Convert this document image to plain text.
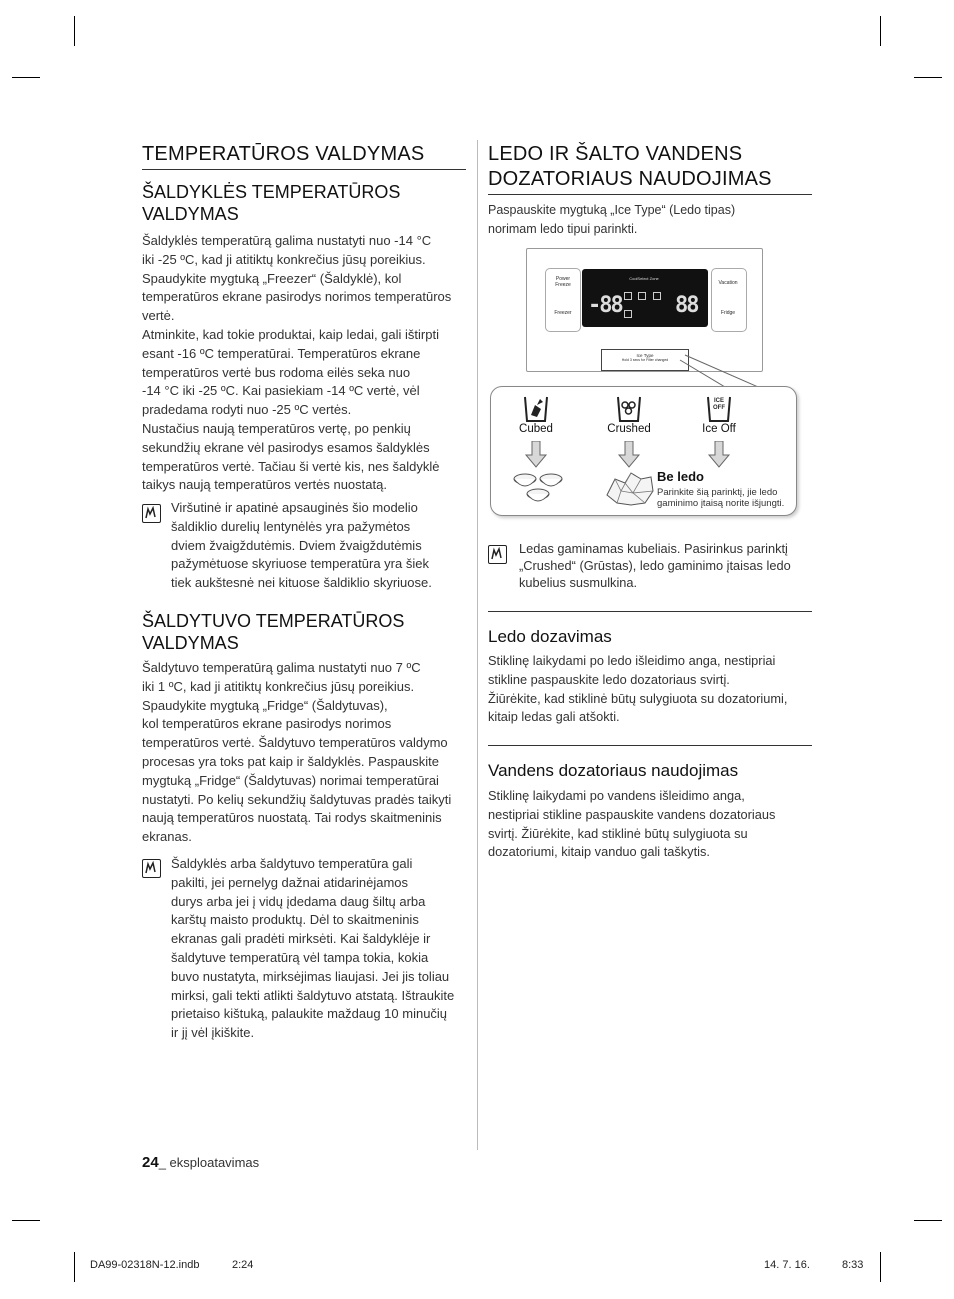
TEMPERATŪROS VALDYMAS
ŠALDYKLĖS TEMPERATŪROS
VALDYMAS
Šaldyklės temperatūrą galima nustatyti nuo -14 °C
iki -25 ºC, kad ji atitiktų konkrečius jūsų poreikius.
Spaudykite mygtuką „Freezer“ (Šaldyklė), kol
temperatūros ekrane pasirodys norimos temperatūros
vertė.
Atminkite, kad tokie produktai, kaip ledai, gali ištirpti
esant -16 ºC temperatūrai. Temperatūros ekrane
temperatūros vertė bus rodoma eilės seka nuo
-14 °C iki -25 ºC. Kai pasiekiam -14 ºC vertė, vėl
pradedama rodyti nuo -25 ºC vertės.
Nustačius naują temperatūros vertę, po penkių
sekundžių ekrane vėl pasirodys esamos šaldyklės
temperatūros vertė. Tačiau ši vertė kis, nes šaldyklė
taikys naują temperatūros vertės nuostatą.
Viršutinė ir apatinė apsauginės šio modelio
šaldiklio durelių lentynėlės yra pažymėtos
dviem žvaigždutėmis. Dviem žvaigždutėmis
pažymėtuose skyriuose temperatūra yra šiek
tiek aukštesnė nei kituose šaldiklio skyriuose.
ŠALDYTUVO TEMPERATŪROS
VALDYMAS
Šaldytuvo temperatūrą galima nustatyti nuo 7 ºC
iki 1 ºC, kad ji atitiktų konkrečius jūsų poreikius.
Spaudykite mygtuką „Fridge“ (Šaldytuvas),
kol temperatūros ekrane pasirodys norimos
temperatūros vertė. Šaldytuvo temperatūros valdymo
procesas yra toks pat kaip ir šaldyklės. Paspauskite
mygtuką „Fridge“ (Šaldytuvas) norimai temperatūrai
nustatyti. Po kelių sekundžių šaldytuvas pradės taikyti
naują temperatūros nuostatą. Tai rodys skaitmeninis
ekranas.
Šaldyklės arba šaldytuvo temperatūra gali
pakilti, jei pernelyg dažnai atidarinėjamos
durys arba jei į vidų įdedama daug šiltų arba
karštų maisto produktų. Dėl to skaitmeninis
ekranas gali pradėti mirksėti. Kai šaldyklėje ir
šaldytuve temperatūrą vėl tampa tokia, kokia
buvo nustatyta, mirksėjimas liaujasi. Jei jis toliau
mirksi, gali tekti atlikti šaldytuvo atstatą. Ištraukite
prietaiso kištuką, palaukite maždaug 10 minučių
ir jį vėl įkiškite.
LEDO IR ŠALTO VANDENS
DOZATORIAUS NAUDOJIMAS
Paspauskite mygtuką „Ice Type“ (Ledo tipas)
norimam ledo tipui parinkti.
Power
Freeze
Freezer
CoolSelect Zone
-88 88

Vacation
Fridge
Ice Type
Hold 3 secs for Filter changed
Cubed	Crushed
ICE
OFF
Ice Off
Be ledo
Parinkite šią parinktį, jie ledo
gaminimo įtaisą norite išjungti.
Ledas gaminamas kubeliais. Pasirinkus parinktį
„Crushed“ (Grūstas), ledo gaminimo įtaisas ledo
kubelius susmulkina.
Ledo dozavimas
Stiklinę laikydami po ledo išleidimo anga, nestipriai
stikline paspauskite ledo dozatoriaus svirtį.
Žiūrėkite, kad stiklinė būtų sulygiuota su dozatoriumi,
kitaip ledas gali atšokti.
Vandens dozatoriaus naudojimas
Stiklinę laikydami po vandens išleidimo anga,
nestipriai stikline paspauskite vandens dozatoriaus
svirtį. Žiūrėkite, kad stiklinė būtų sulygiuota su
dozatoriumi, kitaip vanduo gali taškytis.
24_ eksploatavimas
DA99-02318N-12.indb	2:24	14. 7. 16.	8:33
